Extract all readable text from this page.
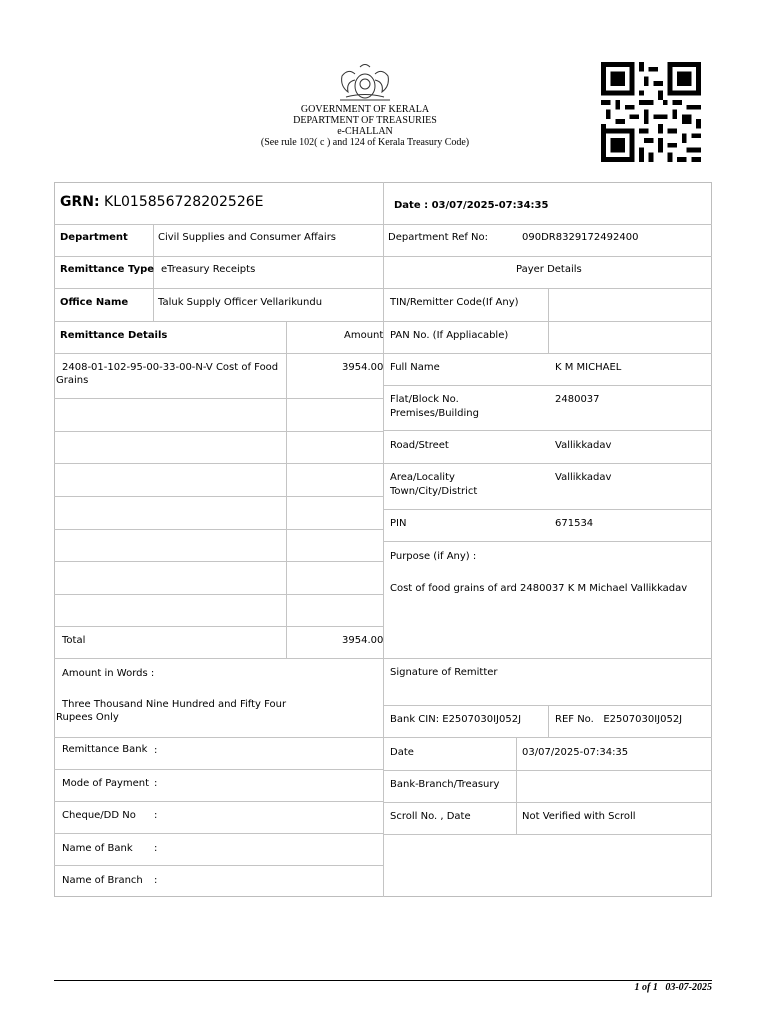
GOVERNMENT OF KERALA
DEPARTMENT OF TREASURIES
e-CHALLAN
(See rule 102( c ) and 124 of Kerala Treasury Code)
GRN: KL015856728202526E	Date : 03/07/2025-07:34:35
Department	Civil Supplies and Consumer Affairs
Remittance Type eTreasury Receipts
Office Name	Taluk Supply Officer Vellarikundu
Remittance Details	Amount
2408-01-102-95-00-33-00-N-V Cost of Food
Grains
3954.00
Total	3954.00
Amount in Words :
Three Thousand Nine Hundred and Fifty Four
Rupees Only
Remittance Bank :
Mode of Payment :
Cheque/DD No :
Name of Bank :
Name of Branch :
Department Ref No:	090DR8329172492400
Payer Details
TIN/Remitter Code(If Any)
PAN No. (If Appliacable)
Full Name	K M MICHAEL
Flat/Block No.
Premises/Building
2480037
Road/Street	Vallikkadav
Area/Locality
Town/City/District
Vallikkadav
PIN	671534
Purpose (if Any) :
Cost of food grains of ard 2480037 K M Michael Vallikkadav
Signature of Remitter
Bank CIN: E2507030IJ052J	REF No.   E2507030IJ052J
Date	03/07/2025-07:34:35
Bank-Branch/Treasury
Scroll No. , Date	Not Verified with Scroll
1 of 1 03-07-2025
